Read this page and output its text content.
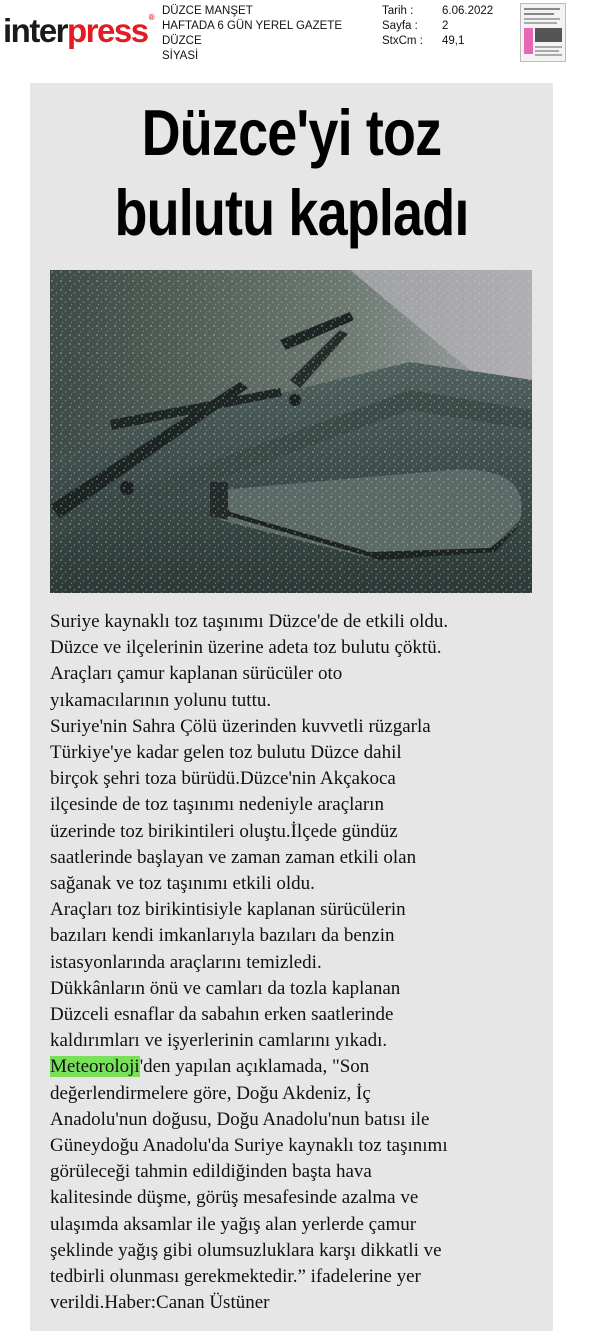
interpress®
DÜZCE MANŞET
HAFTADA 6 GÜN YEREL GAZETE
DÜZCE
SİYASİ
Tarih :	6.06.2022
Sayfa :	2
StxCm :	49,1
Düzce'yi toz
bulutu kapladı
Suriye kaynaklı toz taşınımı Düzce'de de etkili oldu.
Düzce ve ilçelerinin üzerine adeta toz bulutu çöktü.
Araçları çamur kaplanan sürücüler oto
yıkamacılarının yolunu tuttu.
Suriye'nin Sahra Çölü üzerinden kuvvetli rüzgarla
Türkiye'ye kadar gelen toz bulutu Düzce dahil
birçok şehri toza bürüdü.Düzce'nin Akçakoca
ilçesinde de toz taşınımı nedeniyle araçların
üzerinde toz birikintileri oluştu.İlçede gündüz
saatlerinde başlayan ve zaman zaman etkili olan
sağanak ve toz taşınımı etkili oldu.
Araçları toz birikintisiyle kaplanan sürücülerin
bazıları kendi imkanlarıyla bazıları da benzin
istasyonlarında araçlarını temizledi.
Dükkânların önü ve camları da tozla kaplanan
Düzceli esnaflar da sabahın erken saatlerinde
kaldırımları ve işyerlerinin camlarını yıkadı.
Meteoroloji'den yapılan açıklamada, "Son
değerlendirmelere göre, Doğu Akdeniz, İç
Anadolu'nun doğusu, Doğu Anadolu'nun batısı ile
Güneydoğu Anadolu'da Suriye kaynaklı toz taşınımı
görüleceği tahmin edildiğinden başta hava
kalitesinde düşme, görüş mesafesinde azalma ve
ulaşımda aksamlar ile yağış alan yerlerde çamur
şeklinde yağış gibi olumsuzluklara karşı dikkatli ve
tedbirli olunması gerekmektedir.” ifadelerine yer
verildi.Haber:Canan Üstüner
